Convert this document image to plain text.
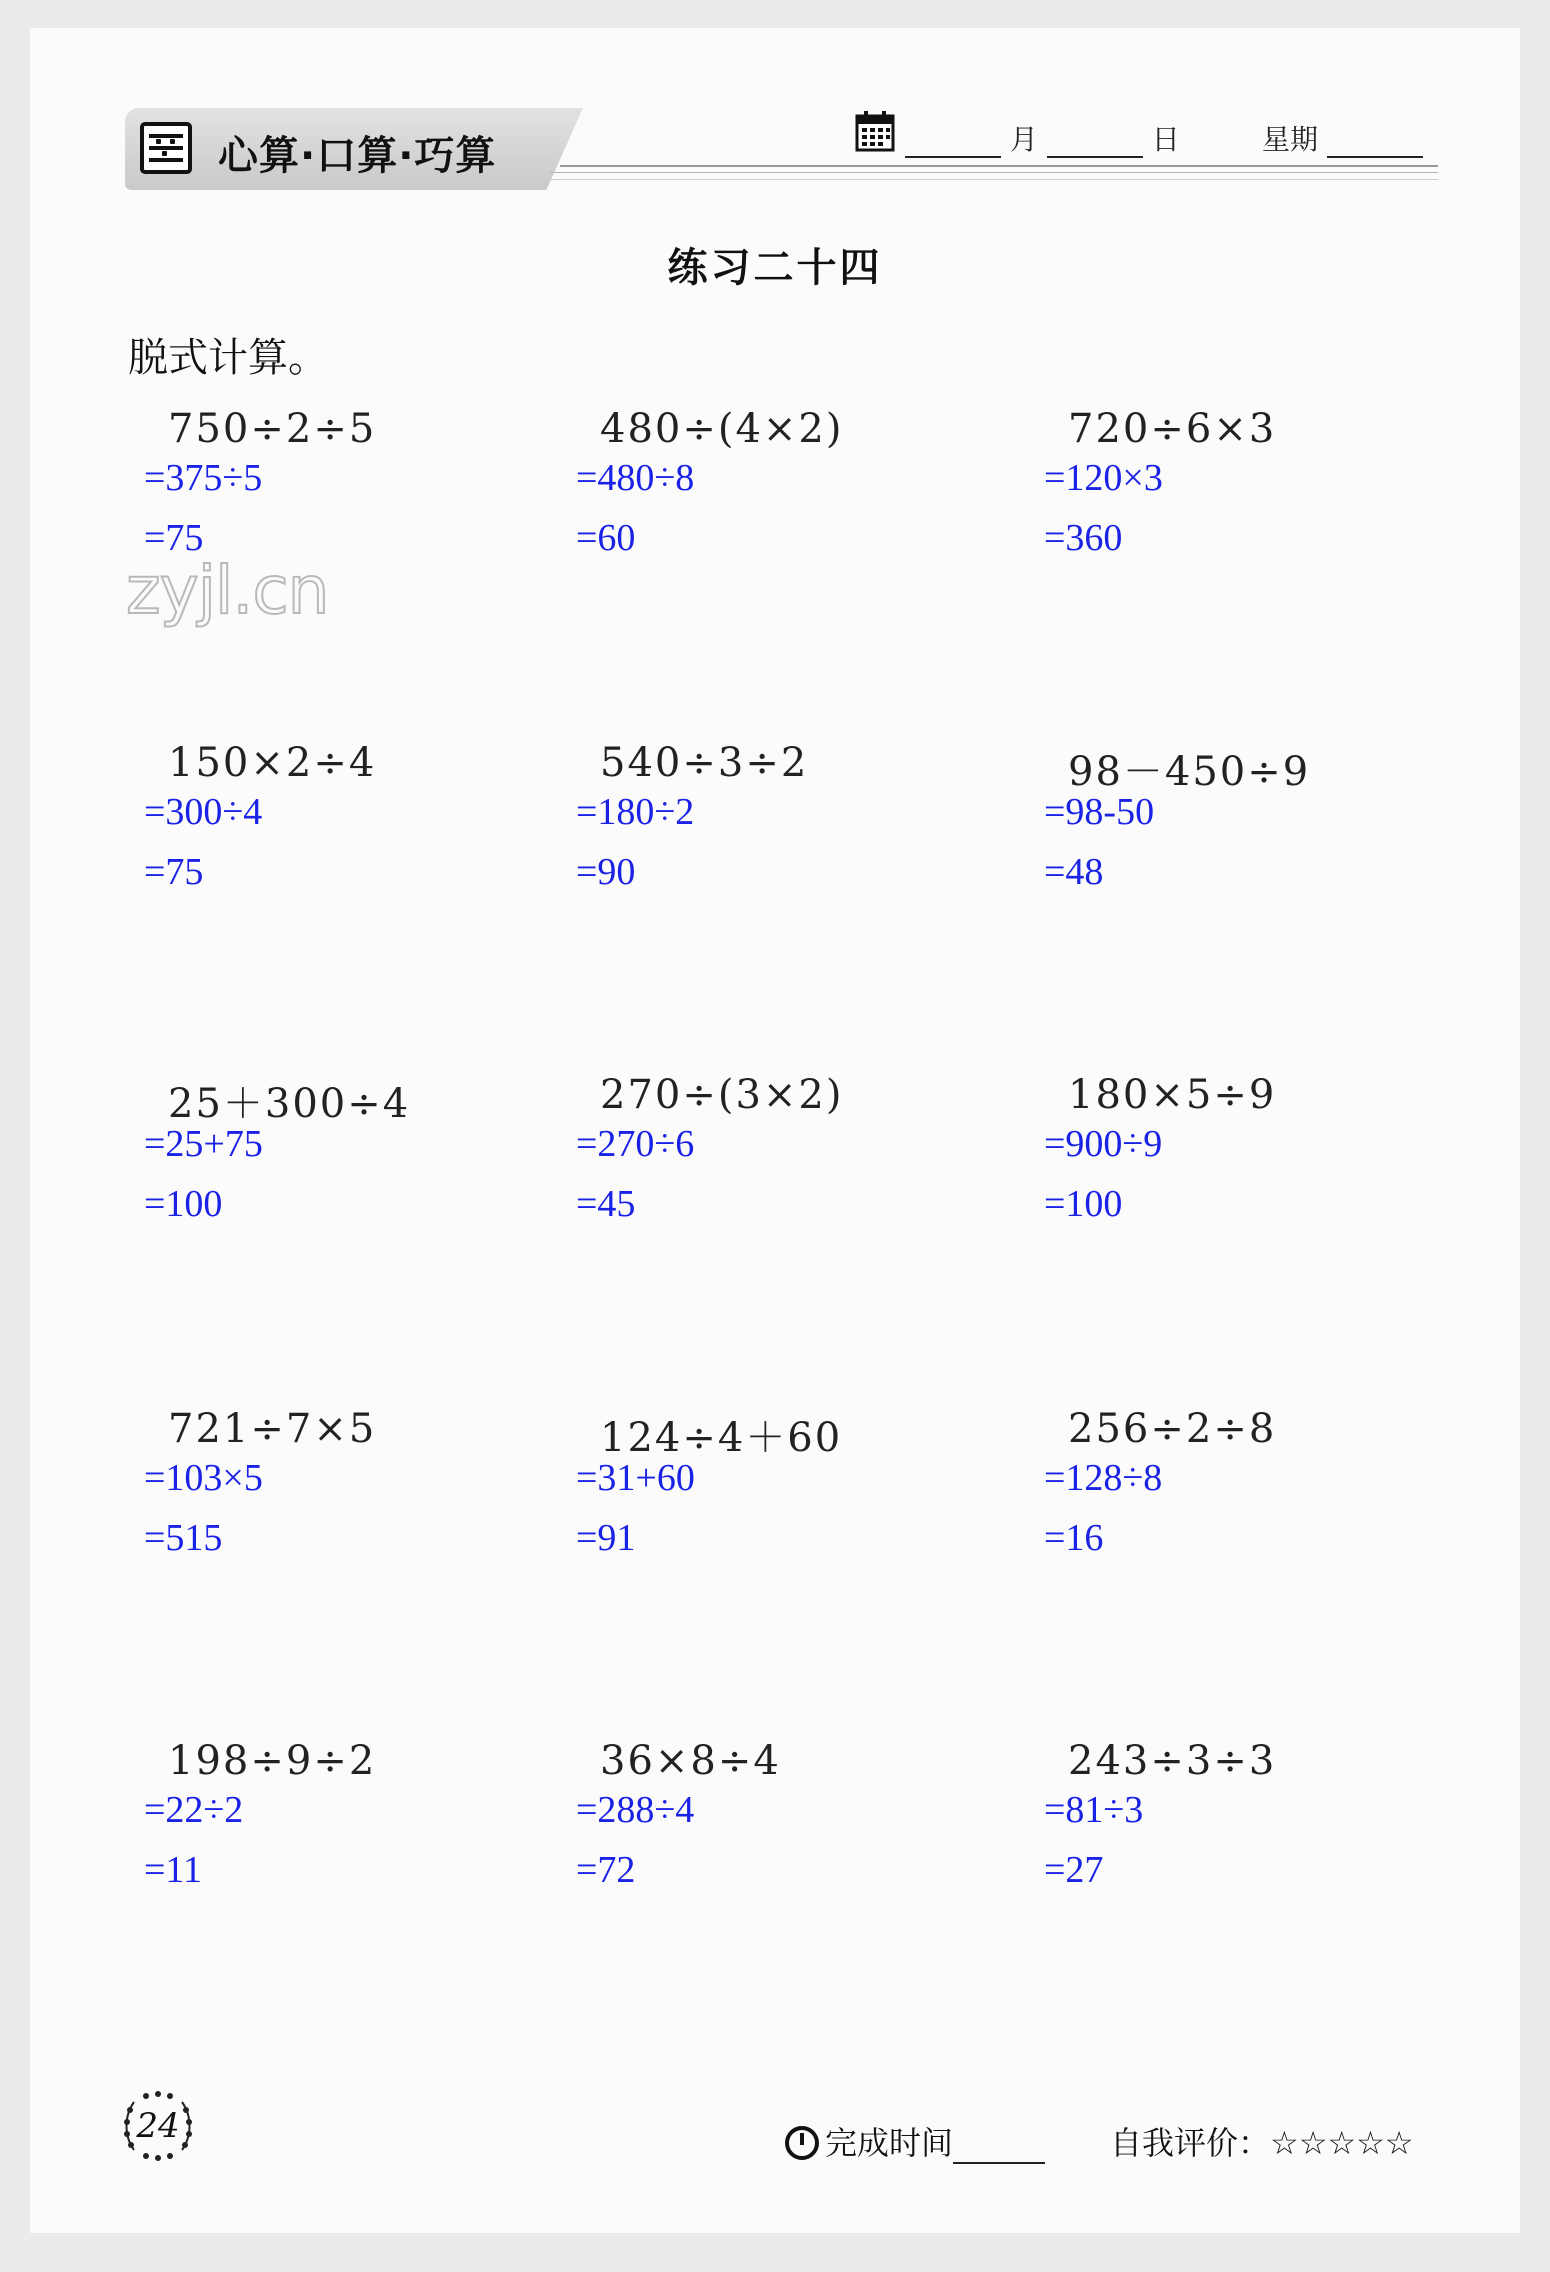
心算·口算·巧算	月	日	星期
练习二十四
脱式计算。
zyjl.cn
750÷2÷5
=375÷5
=75
480÷(4×2)
=480÷8
=60
720÷6×3
=120×3
=360
150×2÷4
=300÷4
=75
540÷3÷2
=180÷2
=90
98－450÷9
=98-50
=48
25＋300÷4
=25+75
=100
270÷(3×2)
=270÷6
=45
180×5÷9
=900÷9
=100
721÷7×5
=103×5
=515
124÷4＋60
=31+60
=91
256÷2÷8
=128÷8
=16
198÷9÷2
=22÷2
=11
36×8÷4
=288÷4
=72
243÷3÷3
=81÷3
=27
24	完成时间	自我评价：☆☆☆☆☆
